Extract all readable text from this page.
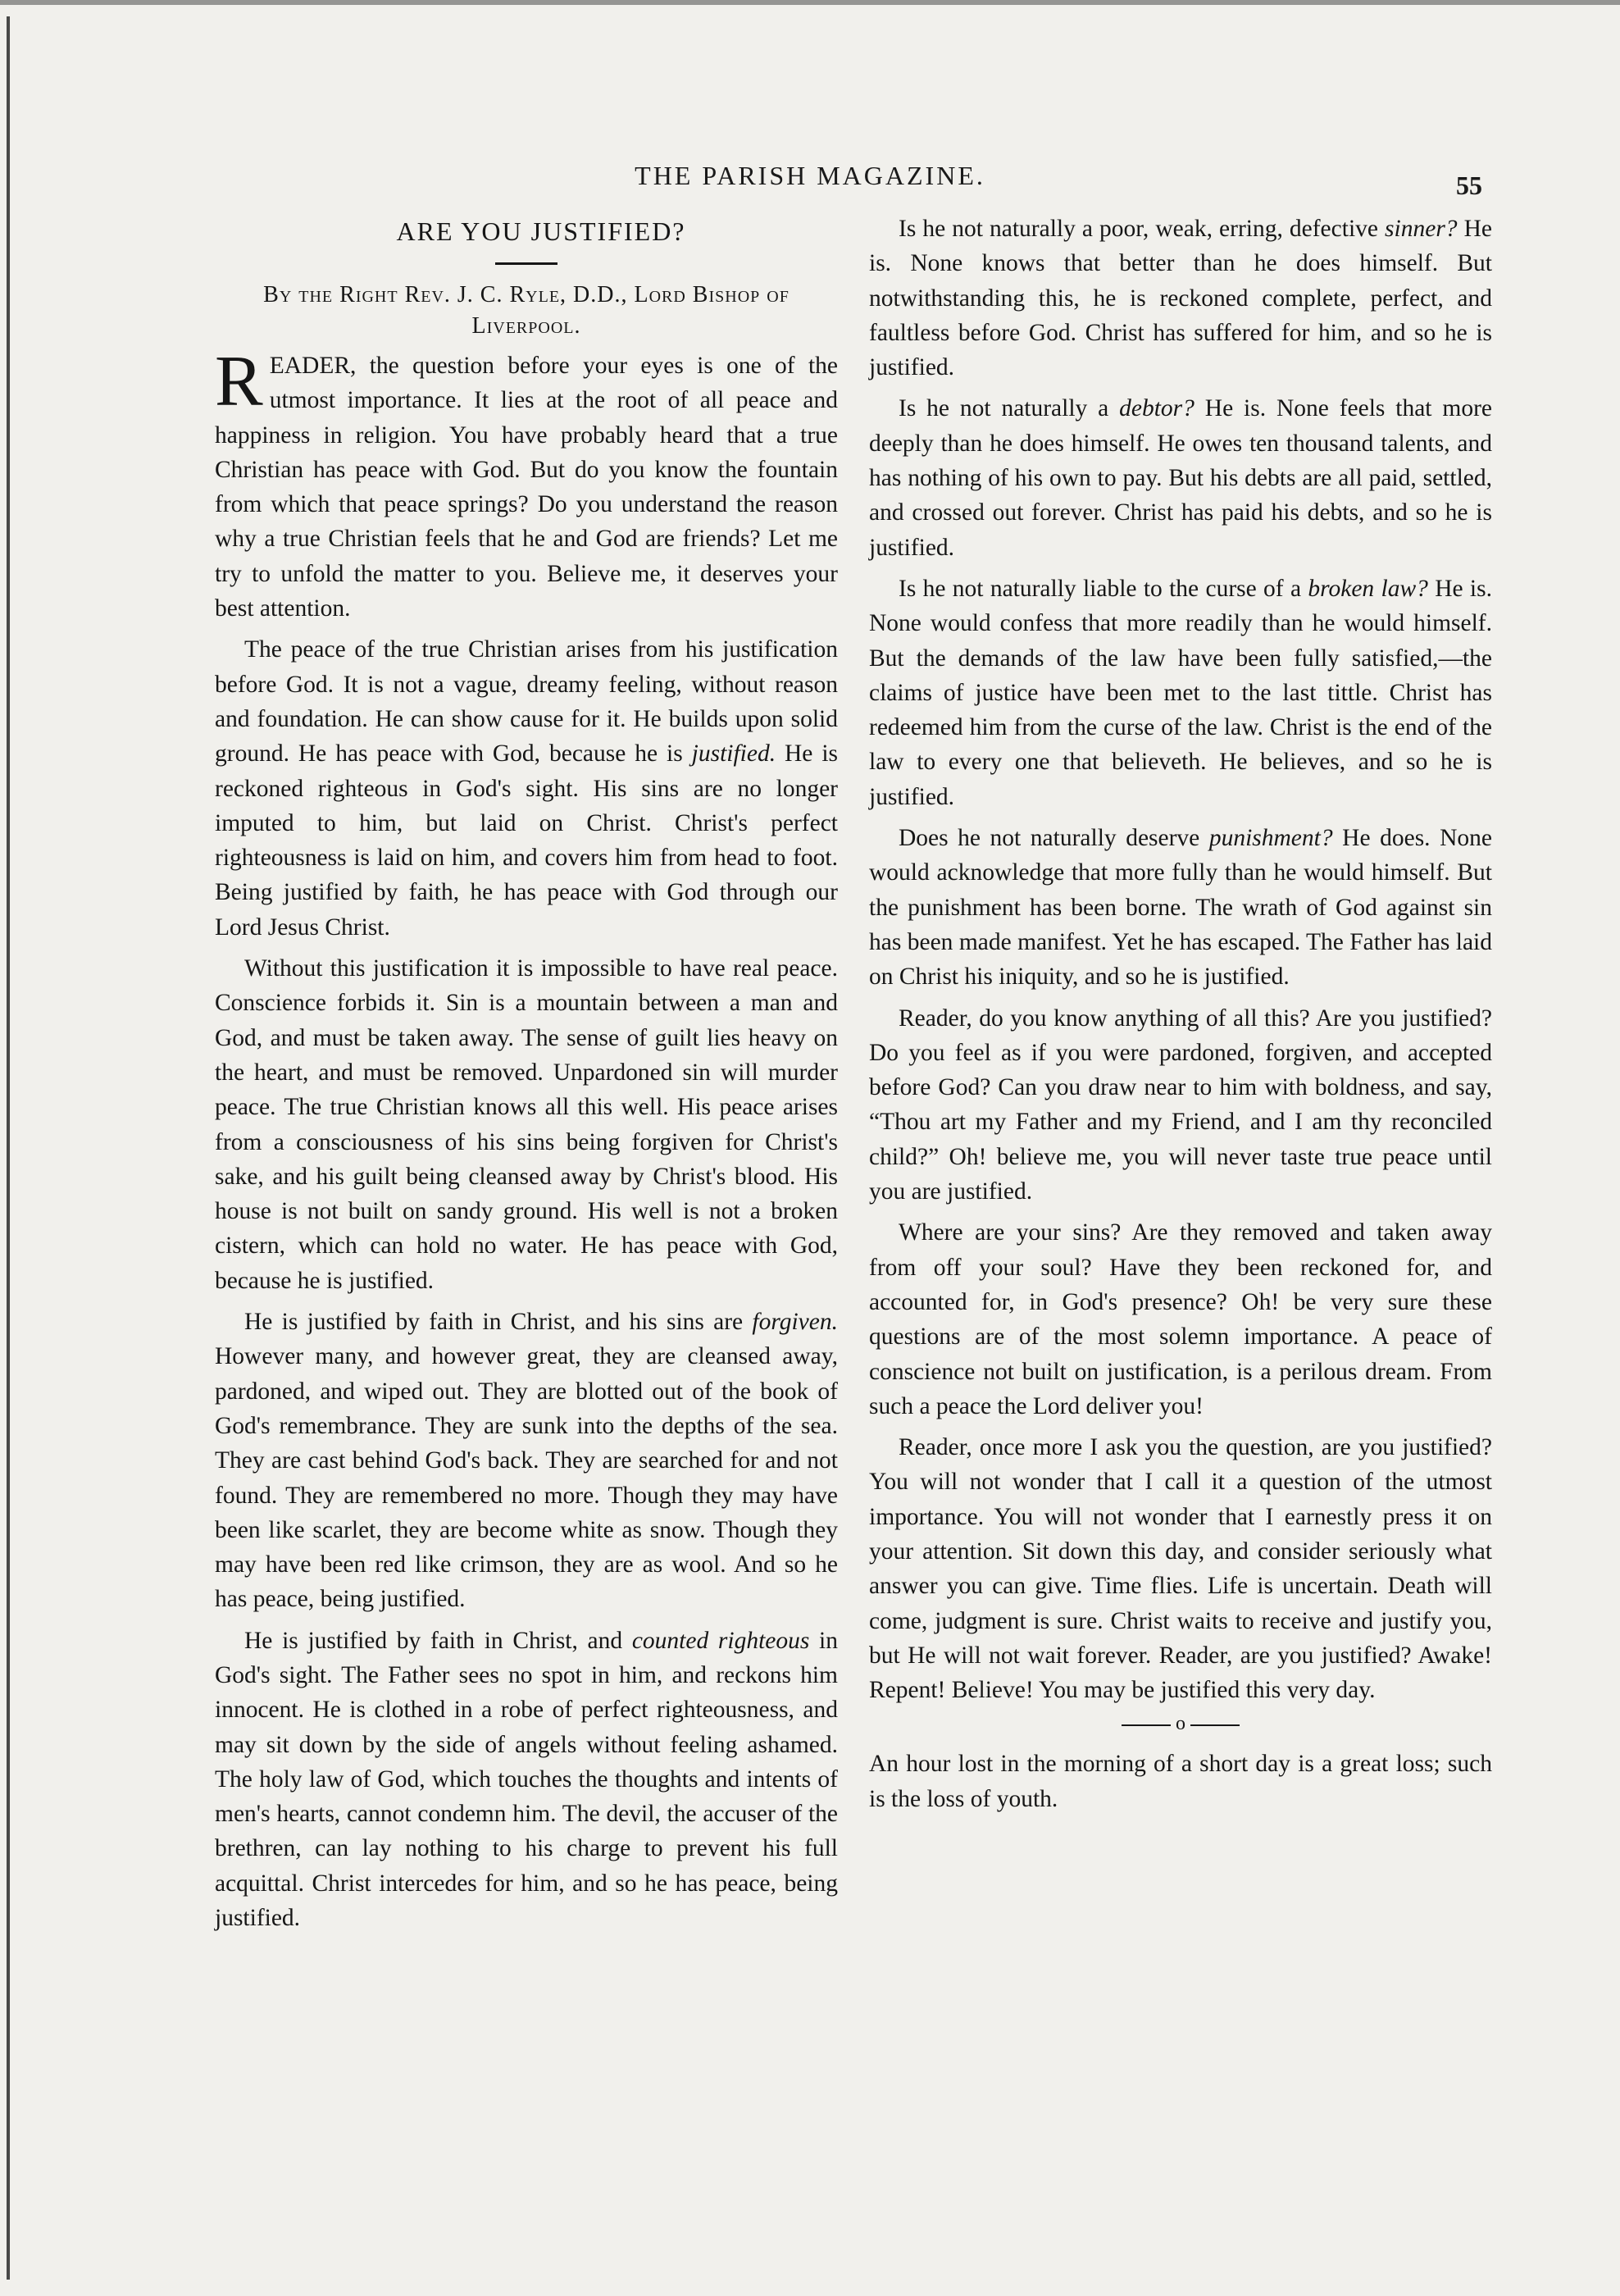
THE PARISH MAGAZINE.	55

ARE YOU JUSTIFIED?

By the Right Rev. J. C. Ryle, D.D., Lord Bishop of Liverpool.

READER, the question before your eyes is one of the utmost importance. It lies at the root of all peace and happiness in religion. You have probably heard that a true Christian has peace with God. But do you know the fountain from which that peace springs? Do you understand the reason why a true Christian feels that he and God are friends? Let me try to unfold the matter to you. Believe me, it deserves your best attention.

The peace of the true Christian arises from his justification before God. It is not a vague, dreamy feeling, without reason and foundation. He can show cause for it. He builds upon solid ground. He has peace with God, because he is justified. He is reckoned righteous in God's sight. His sins are no longer imputed to him, but laid on Christ. Christ's perfect righteousness is laid on him, and covers him from head to foot. Being justified by faith, he has peace with God through our Lord Jesus Christ.

Without this justification it is impossible to have real peace. Conscience forbids it. Sin is a mountain between a man and God, and must be taken away. The sense of guilt lies heavy on the heart, and must be removed. Unpardoned sin will murder peace. The true Christian knows all this well. His peace arises from a consciousness of his sins being forgiven for Christ's sake, and his guilt being cleansed away by Christ's blood. His house is not built on sandy ground. His well is not a broken cistern, which can hold no water. He has peace with God, because he is justified.

He is justified by faith in Christ, and his sins are forgiven. However many, and however great, they are cleansed away, pardoned, and wiped out. They are blotted out of the book of God's remembrance. They are sunk into the depths of the sea. They are cast behind God's back. They are searched for and not found. They are remembered no more. Though they may have been like scarlet, they are become white as snow. Though they may have been red like crimson, they are as wool. And so he has peace, being justified.

He is justified by faith in Christ, and counted righteous in God's sight. The Father sees no spot in him, and reckons him innocent. He is clothed in a robe of perfect righteousness, and may sit down by the side of angels without feeling ashamed. The holy law of God, which touches the thoughts and intents of men's hearts, cannot condemn him. The devil, the accuser of the brethren, can lay nothing to his charge to prevent his full acquittal. Christ intercedes for him, and so he has peace, being justified.

Is he not naturally a poor, weak, erring, defective sinner? He is. None knows that better than he does himself. But notwithstanding this, he is reckoned complete, perfect, and faultless before God. Christ has suffered for him, and so he is justified.

Is he not naturally a debtor? He is. None feels that more deeply than he does himself. He owes ten thousand talents, and has nothing of his own to pay. But his debts are all paid, settled, and crossed out forever. Christ has paid his debts, and so he is justified.

Is he not naturally liable to the curse of a broken law? He is. None would confess that more readily than he would himself. But the demands of the law have been fully satisfied,—the claims of justice have been met to the last tittle. Christ has redeemed him from the curse of the law. Christ is the end of the law to every one that believeth. He believes, and so he is justified.

Does he not naturally deserve punishment? He does. None would acknowledge that more fully than he would himself. But the punishment has been borne. The wrath of God against sin has been made manifest. Yet he has escaped. The Father has laid on Christ his iniquity, and so he is justified.

Reader, do you know anything of all this? Are you justified? Do you feel as if you were pardoned, forgiven, and accepted before God? Can you draw near to him with boldness, and say, “Thou art my Father and my Friend, and I am thy reconciled child?” Oh! believe me, you will never taste true peace until you are justified.

Where are your sins? Are they removed and taken away from off your soul? Have they been reckoned for, and accounted for, in God's presence? Oh! be very sure these questions are of the most solemn importance. A peace of conscience not built on justification, is a perilous dream. From such a peace the Lord deliver you!

Reader, once more I ask you the question, are you justified? You will not wonder that I call it a question of the utmost importance. You will not wonder that I earnestly press it on your attention. Sit down this day, and consider seriously what answer you can give. Time flies. Life is uncertain. Death will come, judgment is sure. Christ waits to receive and justify you, but He will not wait forever. Reader, are you justified? Awake! Repent! Believe! You may be justified this very day.

o

An hour lost in the morning of a short day is a great loss; such is the loss of youth.
